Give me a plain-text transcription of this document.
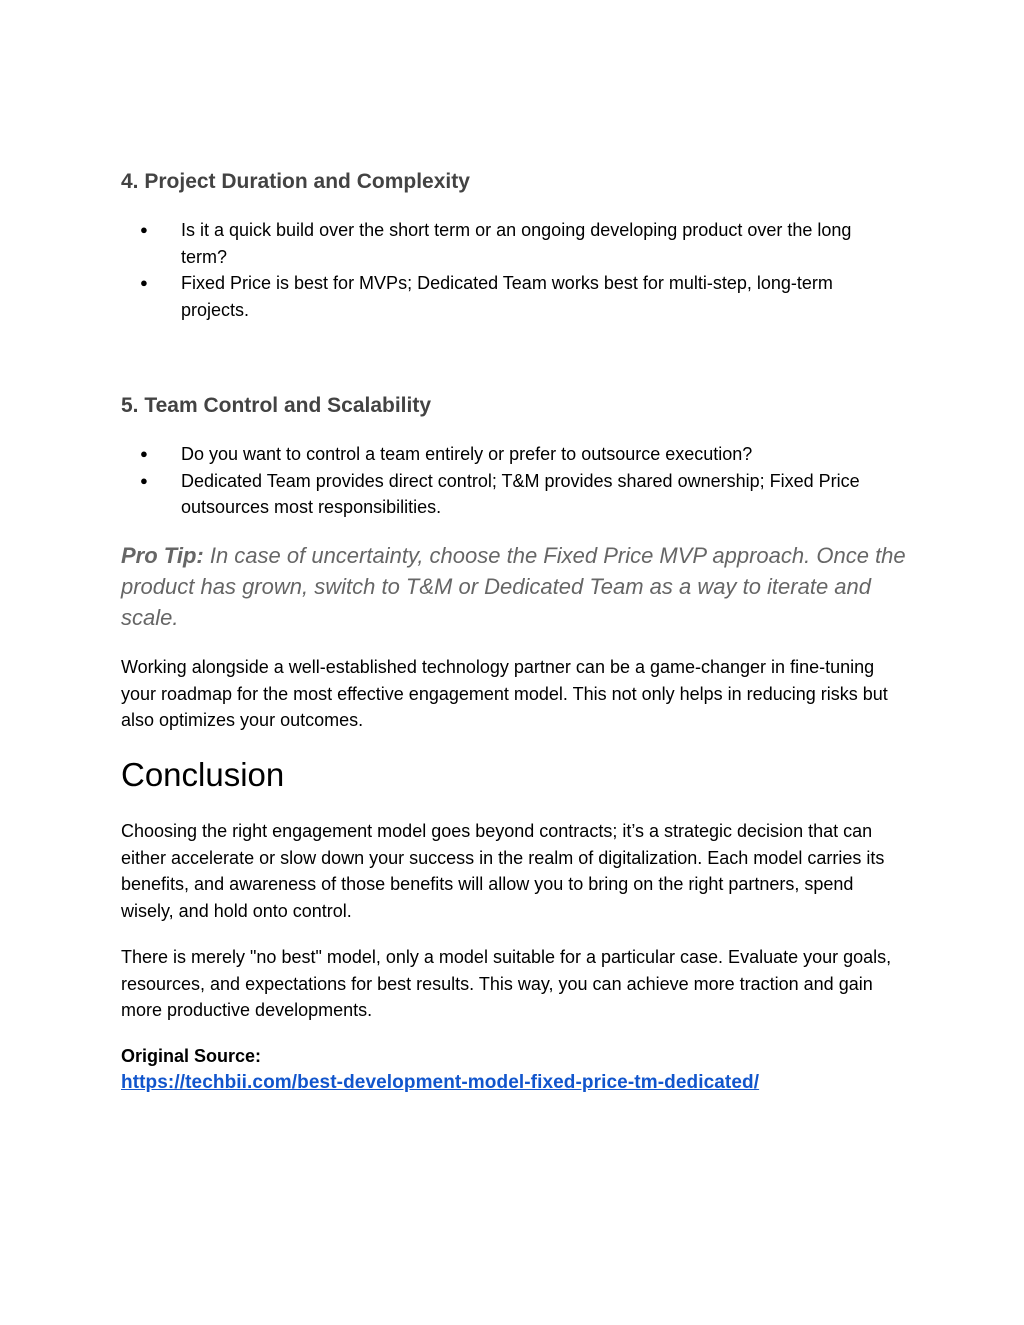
4. Project Duration and Complexity
● Is it a quick build over the short term or an ongoing developing product over the long term?
● Fixed Price is best for MVPs; Dedicated Team works best for multi-step, long-term projects.
5. Team Control and Scalability
● Do you want to control a team entirely or prefer to outsource execution?
● Dedicated Team provides direct control; T&M provides shared ownership; Fixed Price outsources most responsibilities.

Pro Tip: In case of uncertainty, choose the Fixed Price MVP approach. Once the product has grown, switch to T&M or Dedicated Team as a way to iterate and scale.

Working alongside a well-established technology partner can be a game-changer in fine-tuning your roadmap for the most effective engagement model. This not only helps in reducing risks but also optimizes your outcomes.

Conclusion

Choosing the right engagement model goes beyond contracts; it’s a strategic decision that can either accelerate or slow down your success in the realm of digitalization. Each model carries its benefits, and awareness of those benefits will allow you to bring on the right partners, spend wisely, and hold onto control.

There is merely "no best" model, only a model suitable for a particular case. Evaluate your goals, resources, and expectations for best results. This way, you can achieve more traction and gain more productive developments.

Original Source:

https://techbii.com/best-development-model-fixed-price-tm-dedicated/
